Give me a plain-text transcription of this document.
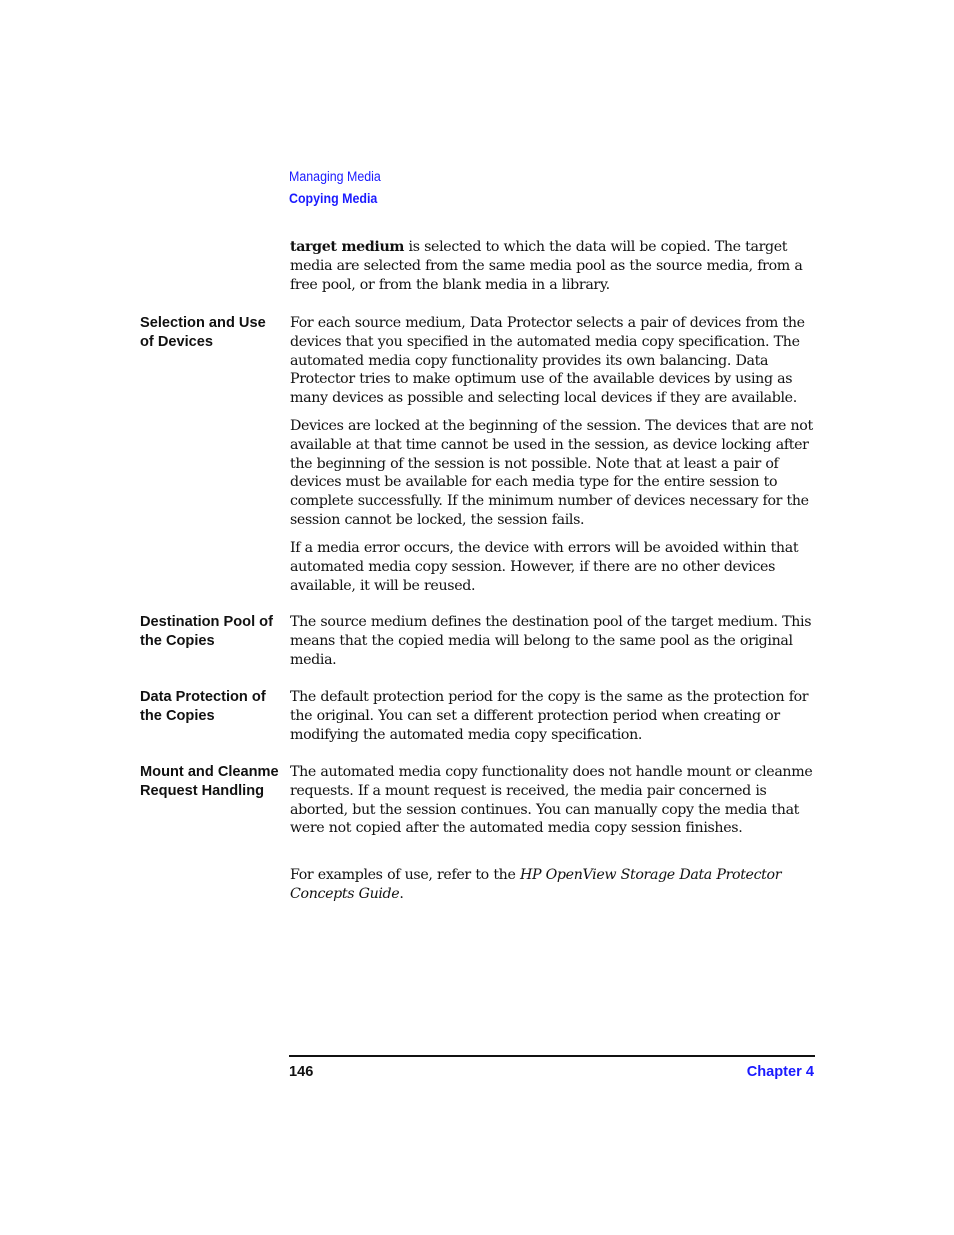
Managing Media
Copying Media

target medium is selected to which the data will be copied. The target media are selected from the same media pool as the source media, from a free pool, or from the blank media in a library.

Selection and Use of Devices

For each source medium, Data Protector selects a pair of devices from the devices that you specified in the automated media copy specification. The automated media copy functionality provides its own balancing. Data Protector tries to make optimum use of the available devices by using as many devices as possible and selecting local devices if they are available.

Devices are locked at the beginning of the session. The devices that are not available at that time cannot be used in the session, as device locking after the beginning of the session is not possible. Note that at least a pair of devices must be available for each media type for the entire session to complete successfully. If the minimum number of devices necessary for the session cannot be locked, the session fails.

If a media error occurs, the device with errors will be avoided within that automated media copy session. However, if there are no other devices available, it will be reused.

Destination Pool of the Copies

The source medium defines the destination pool of the target medium. This means that the copied media will belong to the same pool as the original media.

Data Protection of the Copies

The default protection period for the copy is the same as the protection for the original. You can set a different protection period when creating or modifying the automated media copy specification.

Mount and Cleanme Request Handling

The automated media copy functionality does not handle mount or cleanme requests. If a mount request is received, the media pair concerned is aborted, but the session continues. You can manually copy the media that were not copied after the automated media copy session finishes.

For examples of use, refer to the HP OpenView Storage Data Protector Concepts Guide.

146	Chapter 4
